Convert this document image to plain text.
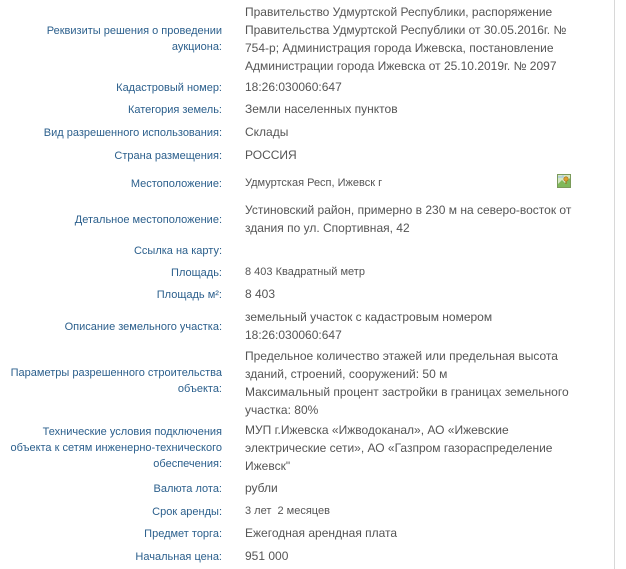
Реквизиты решения о проведении
аукциона:
Правительство Удмуртской Республики, распоряжение
Правительства Удмуртской Республики от 30.05.2016г. №
754-р; Администрация города Ижевска, постановление
Администрации города Ижевска от 25.10.2019г. № 2097
Кадастровый номер: 18:26:030060:647
Категория земель: Земли населенных пунктов
Вид разрешенного использования: Склады
Страна размещения: РОССИЯ
Местоположение: Удмуртская Респ, Ижевск г
Детальное местоположение:
Устиновский район, примерно в 230 м на северо-восток от
здания по ул. Спортивная, 42
Ссылка на карту:
Площадь: 8 403 Квадратный метр
Площадь м²: 8 403
Описание земельного участка:
земельный участок с кадастровым номером
18:26:030060:647
Параметры разрешенного строительства
объекта:
Предельное количество этажей или предельная высота
зданий, строений, сооружений: 50 м
Максимальный процент застройки в границах земельного
участка: 80%
Технические условия подключения
объекта к сетям инженерно-технического
обеспечения:
МУП г.Ижевска «Ижводоканал», АО «Ижевские
электрические сети», АО «Газпром газораспределение
Ижевск"
Валюта лота: рубли
Срок аренды: 3 лет  2 месяцев
Предмет торга: Ежегодная арендная плата
Начальная цена: 951 000
